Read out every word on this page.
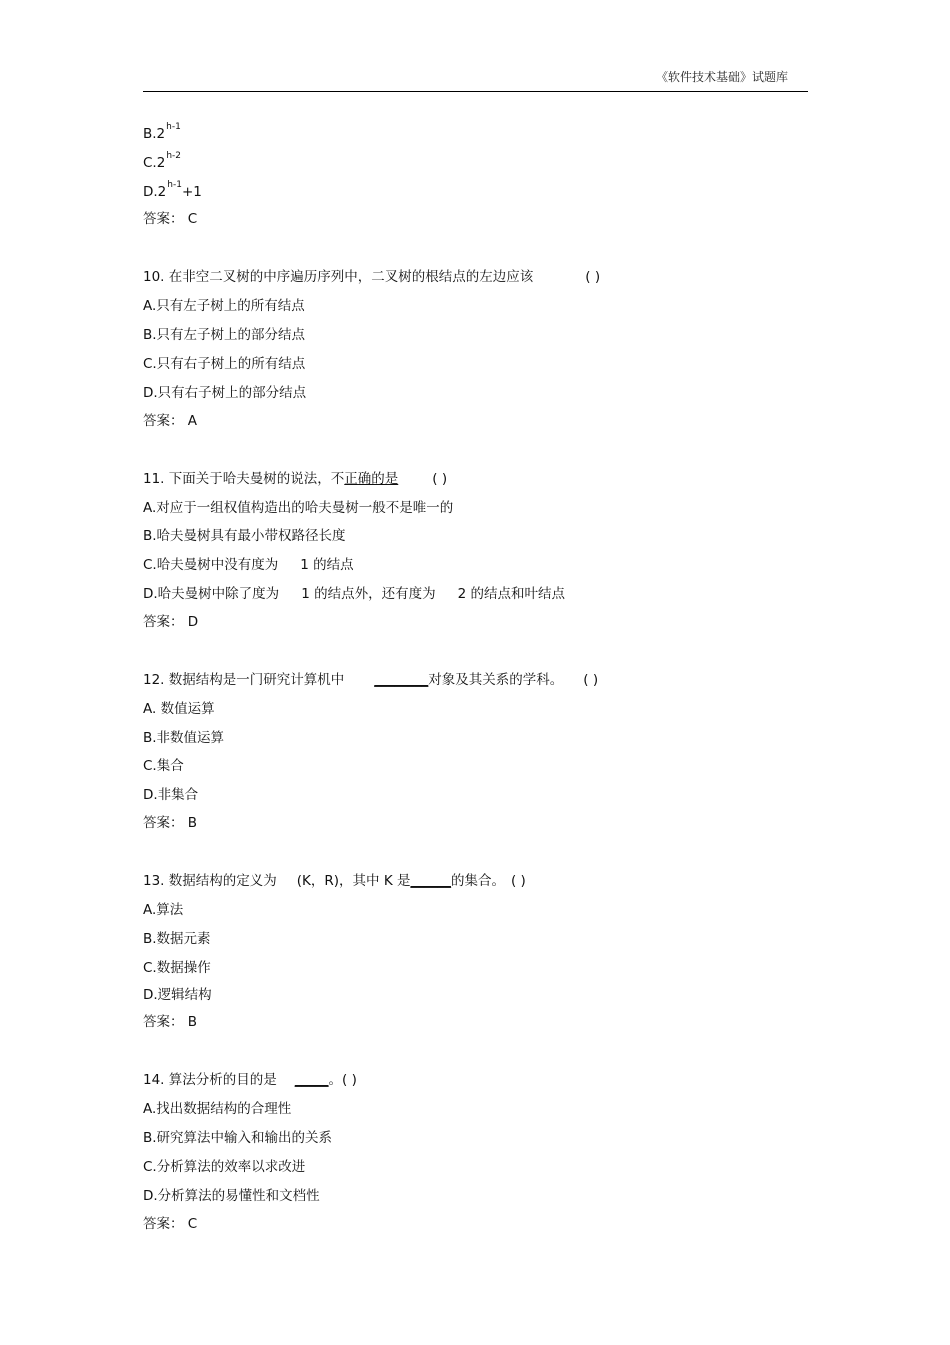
《软件技术基础》试题库
B.2$^{h-1}$
C.2$^{h-2}$
$D.2^{h-1}+1$
答案： C
10. 在非空二叉树的中序遍历序列中，二叉树的根结点的左边应该	( )
A.只有左子树上的所有结点
B.只有左子树上的部分结点
C.只有右子树上的所有结点
D.只有右子树上的部分结点
答案： A
11. 下面关于哈夫曼树的说法，不正确的是	( )
A.对应于一组权值构造出的哈夫曼树一般不是唯一的
B.哈夫曼树具有最小带权路径长度
C.哈夫曼树中没有度为 1 的结点
D.哈夫曼树中除了度为 1 的结点外，还有度为 2 的结点和叶结点
答案： D
12. 数据结构是一门研究计算机中 ________对象及其关系的学科。 ( )
A. 数值运算
B.非数值运算
C.集合
D.非集合
答案： B
13. 数据结构的定义为 (K，R)，其中 K 是______的集合。 ( )
A.算法
B.数据元素
C.数据操作
D.逻辑结构
答案： B
14. 算法分析的目的是 _____。( )
A.找出数据结构的合理性
B.研究算法中输入和输出的关系
C.分析算法的效率以求改进
D.分析算法的易懂性和文档性
答案： C
